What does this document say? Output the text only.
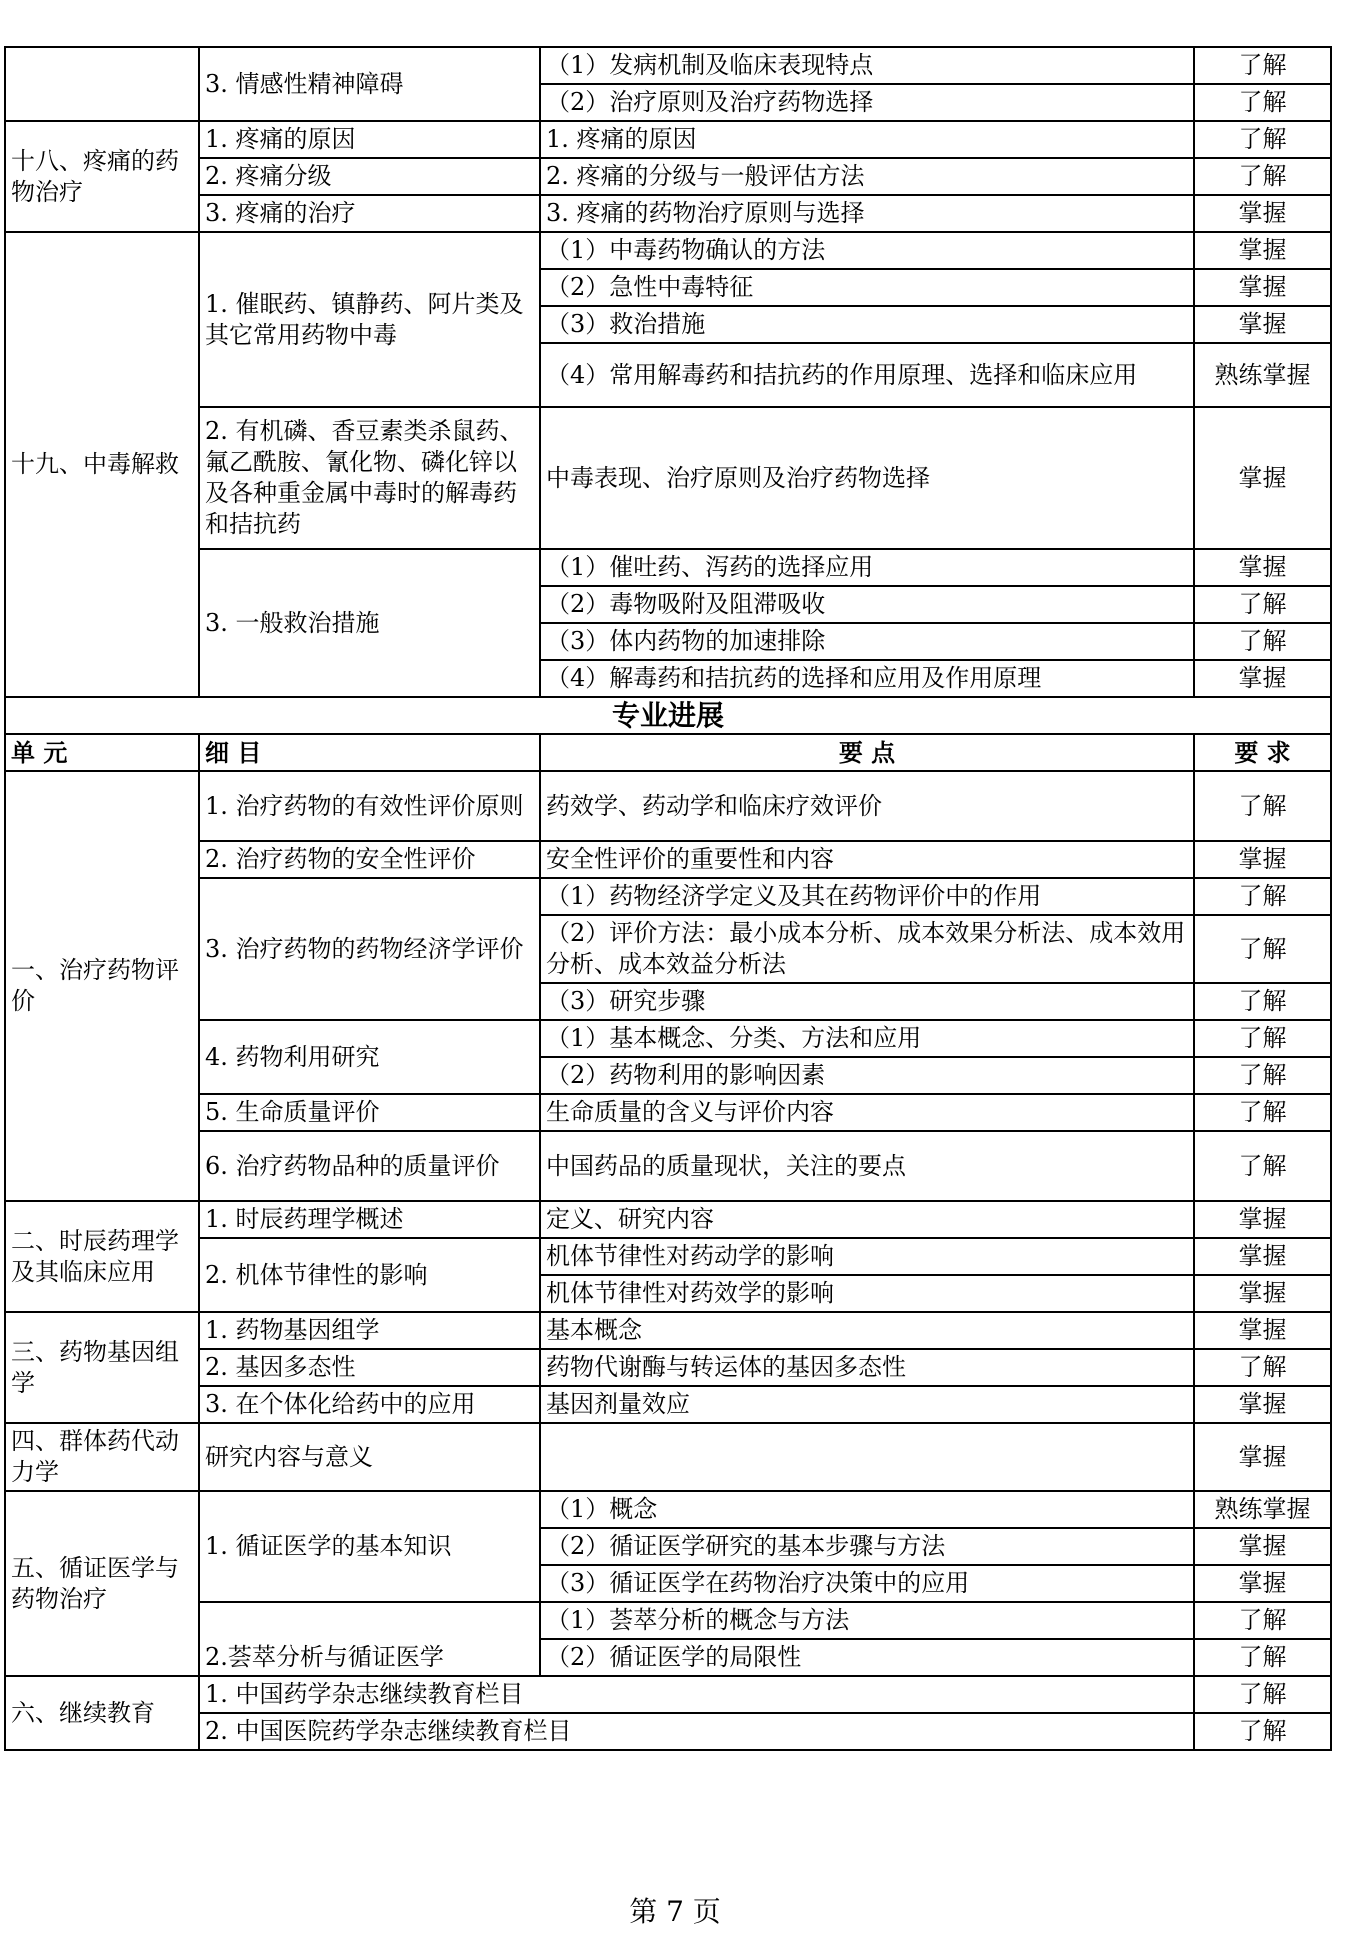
	3. 情感性精神障碍	（1）发病机制及临床表现特点	了解
		（2）治疗原则及治疗药物选择	了解
十八、疼痛的药物治疗	1. 疼痛的原因	1. 疼痛的原因	了解
	2. 疼痛分级	2. 疼痛的分级与一般评估方法	了解
	3. 疼痛的治疗	3. 疼痛的药物治疗原则与选择	掌握
十九、中毒解救	1. 催眠药、镇静药、阿片类及其它常用药物中毒	（1）中毒药物确认的方法	掌握
		（2）急性中毒特征	掌握
		（3）救治措施	掌握
		（4）常用解毒药和拮抗药的作用原理、选择和临床应用	熟练掌握
	2. 有机磷、香豆素类杀鼠药、氟乙酰胺、氰化物、磷化锌以及各种重金属中毒时的解毒药和拮抗药	中毒表现、治疗原则及治疗药物选择	掌握
	3. 一般救治措施	（1）催吐药、泻药的选择应用	掌握
		（2）毒物吸附及阻滞吸收	了解
		（3）体内药物的加速排除	了解
		（4）解毒药和拮抗药的选择和应用及作用原理	掌握
专业进展			
单 元	细 目	要 点	要 求
一、治疗药物评价	1. 治疗药物的有效性评价原则	药效学、药动学和临床疗效评价	了解
	2. 治疗药物的安全性评价	安全性评价的重要性和内容	掌握
	3. 治疗药物的药物经济学评价	（1）药物经济学定义及其在药物评价中的作用	了解
		（2）评价方法：最小成本分析、成本效果分析法、成本效用分析、成本效益分析法	了解
		（3）研究步骤	了解
	4. 药物利用研究	（1）基本概念、分类、方法和应用	了解
		（2）药物利用的影响因素	了解
	5. 生命质量评价	生命质量的含义与评价内容	了解
	6. 治疗药物品种的质量评价	中国药品的质量现状，关注的要点	了解
二、时辰药理学及其临床应用	1. 时辰药理学概述	定义、研究内容	掌握
	2. 机体节律性的影响	机体节律性对药动学的影响	掌握
		机体节律性对药效学的影响	掌握
三、药物基因组学	1. 药物基因组学	基本概念	掌握
	2. 基因多态性	药物代谢酶与转运体的基因多态性	了解
	3. 在个体化给药中的应用	基因剂量效应	掌握
四、群体药代动力学	研究内容与意义		掌握
五、循证医学与药物治疗	1. 循证医学的基本知识	（1）概念	熟练掌握
		（2）循证医学研究的基本步骤与方法	掌握
		（3）循证医学在药物治疗决策中的应用	掌握
	2.荟萃分析与循证医学	（1）荟萃分析的概念与方法	了解
		（2）循证医学的局限性	了解
六、继续教育	1. 中国药学杂志继续教育栏目		了解
	2. 中国医院药学杂志继续教育栏目		了解
第 7 页
